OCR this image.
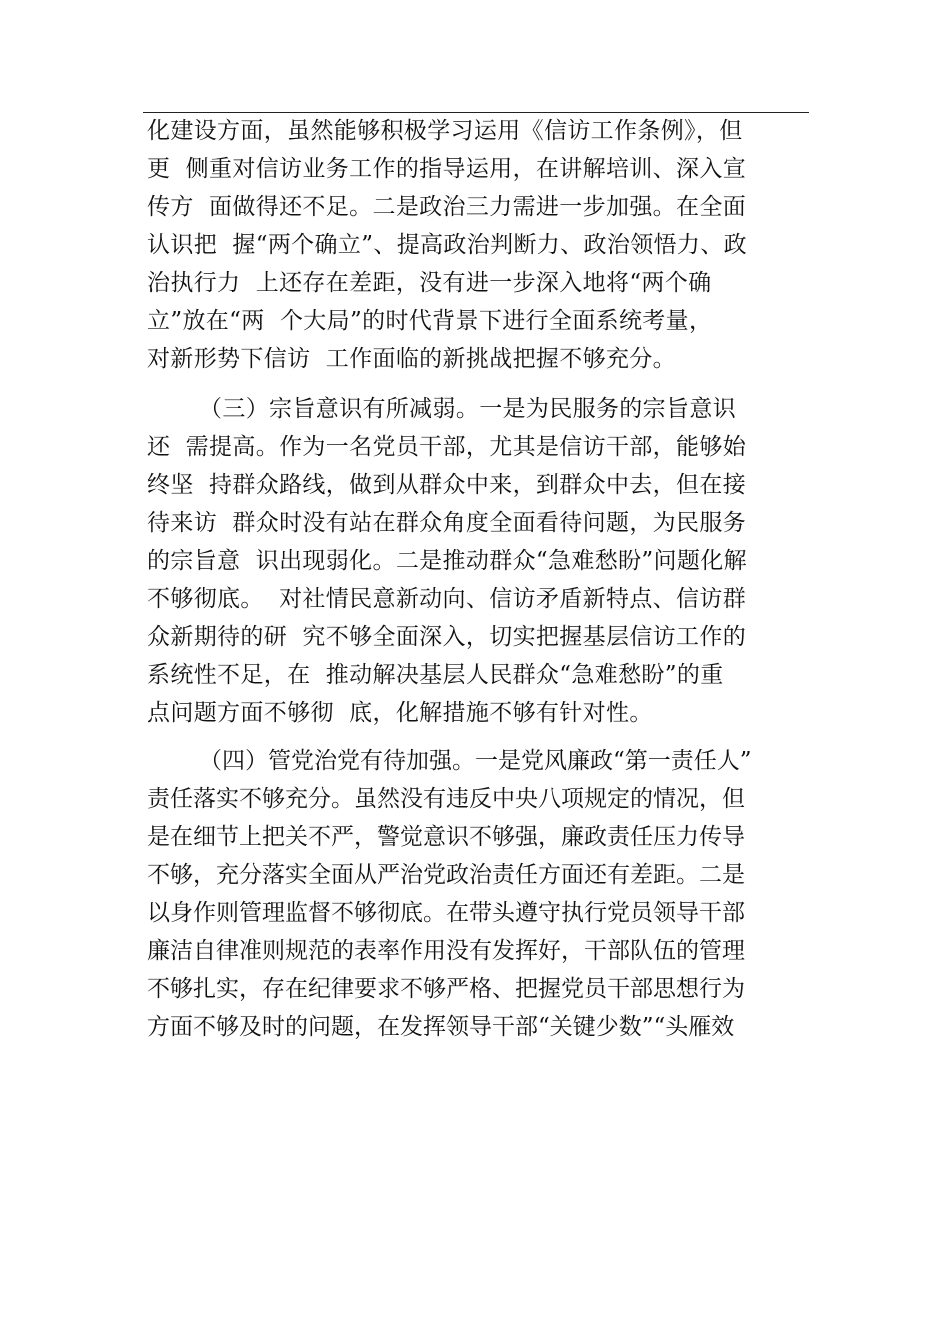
化建设方面，虽然能够积极学习运用《信访工作条例》，但
更  侧重对信访业务工作的指导运用，在讲解培训、深入宣
传方  面做得还不足。二是政治三力需进一步加强。在全面
认识把  握“两个确立”、提高政治判断力、政治领悟力、政
治执行力  上还存在差距，没有进一步深入地将“两个确
立”放在“两  个大局”的时代背景下进行全面系统考量，
对新形势下信访  工作面临的新挑战把握不够充分。
（三）宗旨意识有所减弱。一是为民服务的宗旨意识
还  需提高。作为一名党员干部，尤其是信访干部，能够始
终坚  持群众路线，做到从群众中来，到群众中去，但在接
待来访  群众时没有站在群众角度全面看待问题，为民服务
的宗旨意  识出现弱化。二是推动群众“急难愁盼”问题化解
不够彻底。  对社情民意新动向、信访矛盾新特点、信访群
众新期待的研  究不够全面深入，切实把握基层信访工作的
系统性不足，在  推动解决基层人民群众“急难愁盼”的重
点问题方面不够彻  底，化解措施不够有针对性。
（四）管党治党有待加强。一是党风廉政“第一责任人”
责任落实不够充分。虽然没有违反中央八项规定的情况，但
是在细节上把关不严，警觉意识不够强，廉政责任压力传导
不够，充分落实全面从严治党政治责任方面还有差距。二是
以身作则管理监督不够彻底。在带头遵守执行党员领导干部
廉洁自律准则规范的表率作用没有发挥好，干部队伍的管理
不够扎实，存在纪律要求不够严格、把握党员干部思想行为
方面不够及时的问题，在发挥领导干部“关键少数”“头雁效
